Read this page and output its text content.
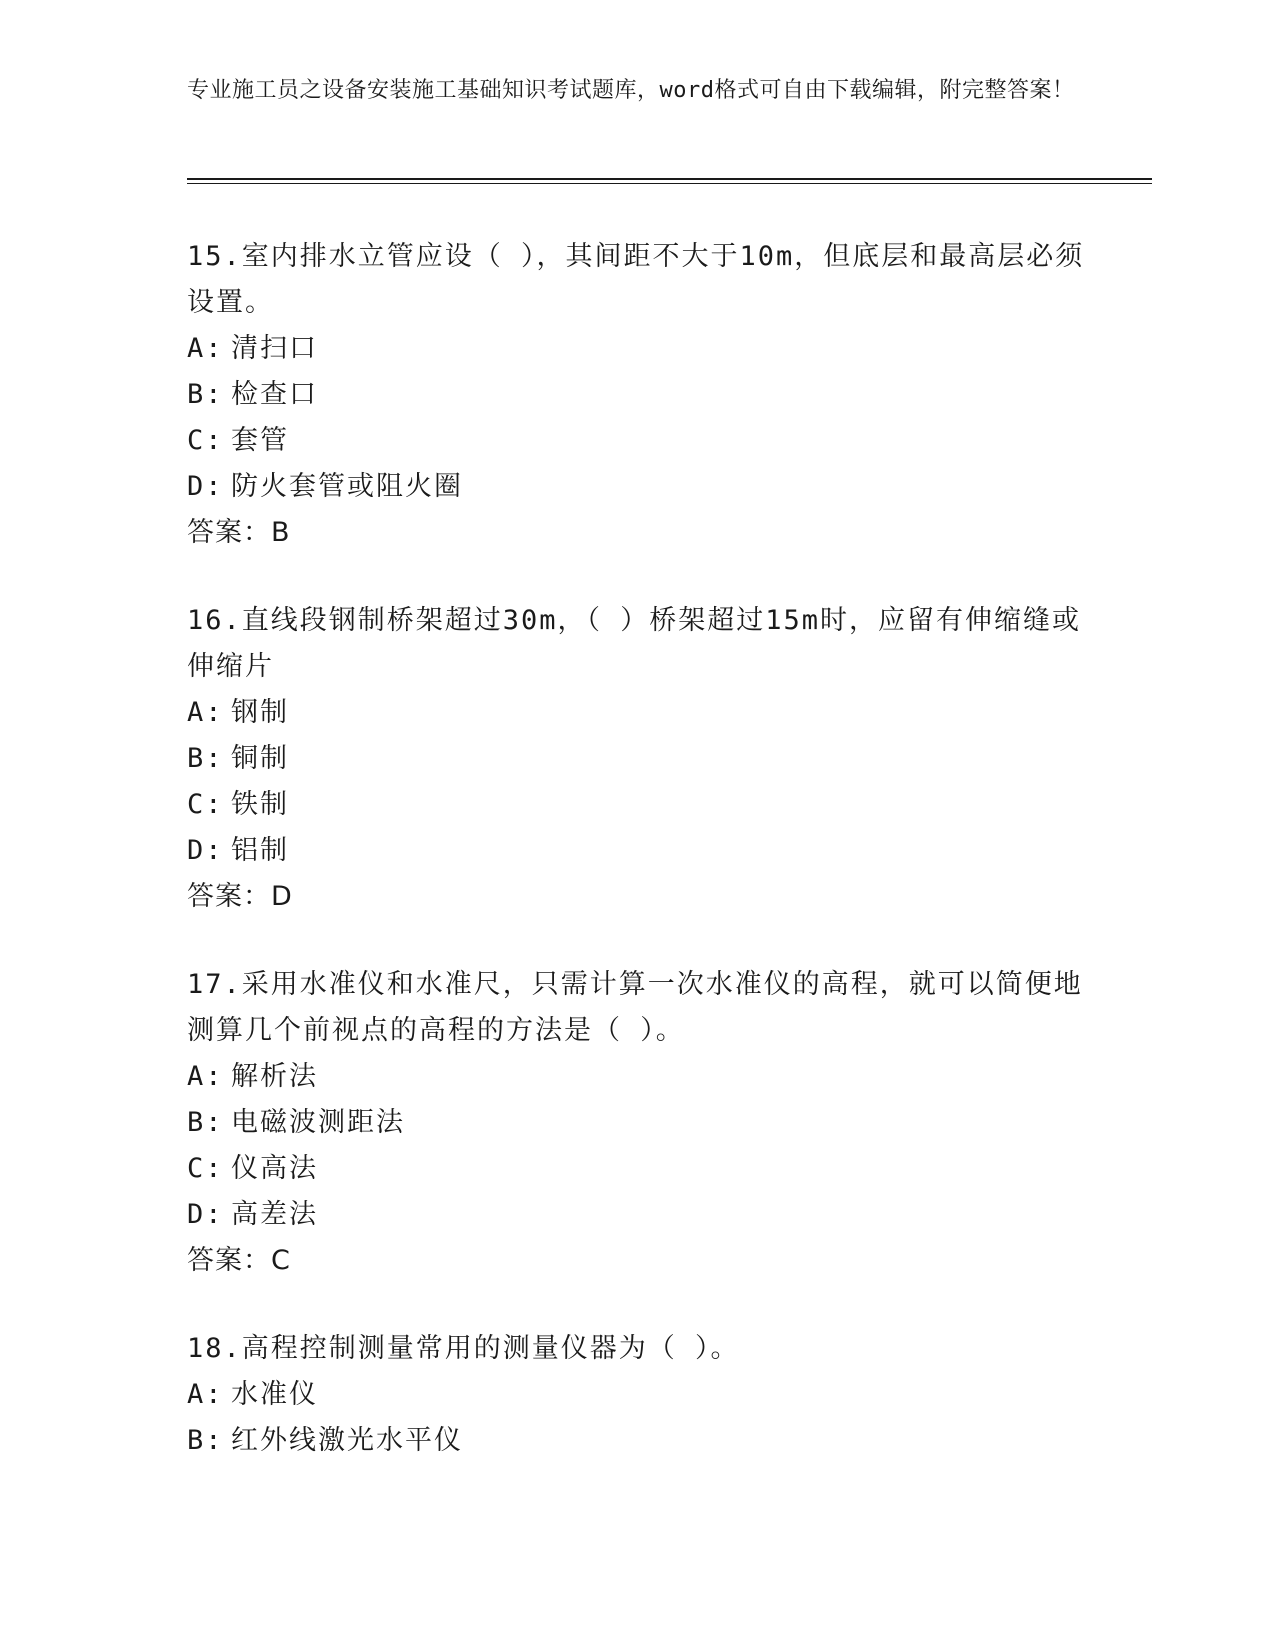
专业施工员之设备安装施工基础知识考试题库，word格式可自由下载编辑，附完整答案！
15.室内排水立管应设（ ），其间距不大于10m，但底层和最高层必须设置。
A: 清扫口
B: 检查口
C: 套管
D: 防火套管或阻火圈
答案：B
16.直线段钢制桥架超过30m，（ ）桥架超过15m时，应留有伸缩缝或伸缩片
A: 钢制
B: 铜制
C: 铁制
D: 铝制
答案：D
17.采用水准仪和水准尺，只需计算一次水准仪的高程，就可以简便地测算几个前视点的高程的方法是（ ）。
A: 解析法
B: 电磁波测距法
C: 仪高法
D: 高差法
答案：C
18.高程控制测量常用的测量仪器为（ ）。
A: 水准仪
B: 红外线激光水平仪
